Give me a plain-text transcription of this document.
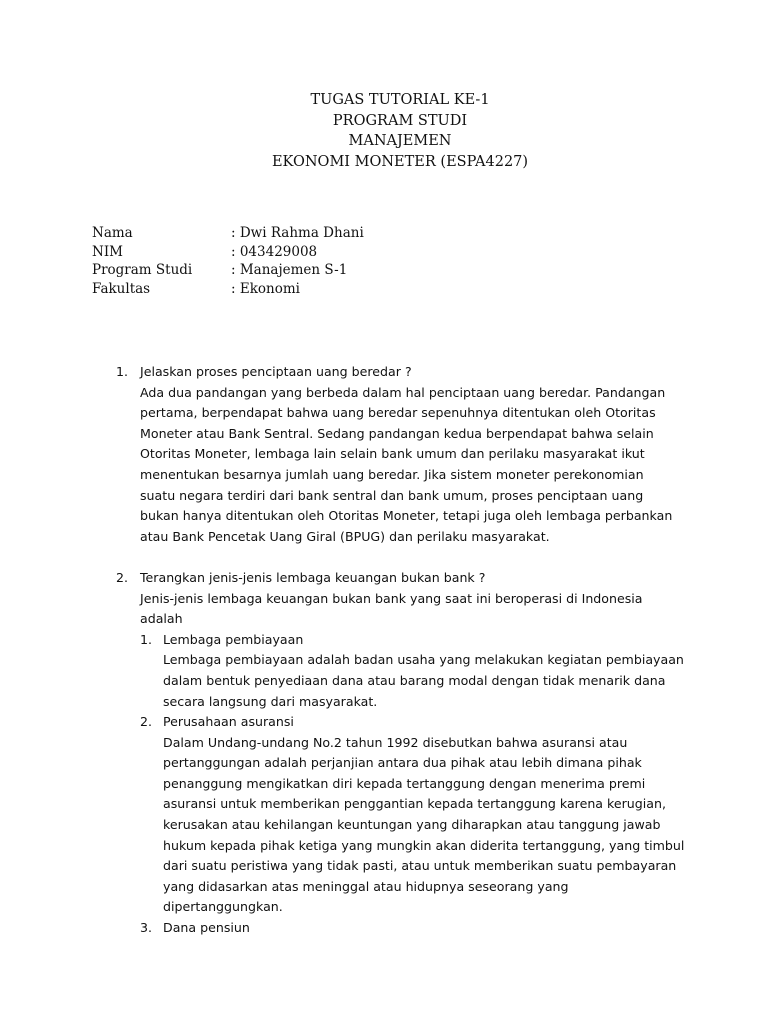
TUGAS TUTORIAL KE-1
PROGRAM STUDI
MANAJEMEN
EKONOMI MONETER (ESPA4227)
Nama	: Dwi Rahma Dhani
NIM	: 043429008
Program Studi	: Manajemen S-1
Fakultas	: Ekonomi
1. Jelaskan proses penciptaan uang beredar ?
Ada dua pandangan yang berbeda dalam hal penciptaan uang beredar. Pandangan
pertama, berpendapat bahwa uang beredar sepenuhnya ditentukan oleh Otoritas
Moneter atau Bank Sentral. Sedang pandangan kedua berpendapat bahwa selain
Otoritas Moneter, lembaga lain selain bank umum dan perilaku masyarakat ikut
menentukan besarnya jumlah uang beredar. Jika sistem moneter perekonomian
suatu negara terdiri dari bank sentral dan bank umum, proses penciptaan uang
bukan hanya ditentukan oleh Otoritas Moneter, tetapi juga oleh lembaga perbankan
atau Bank Pencetak Uang Giral (BPUG) dan perilaku masyarakat.
2. Terangkan jenis-jenis lembaga keuangan bukan bank ?
Jenis-jenis lembaga keuangan bukan bank yang saat ini beroperasi di Indonesia
adalah
1. Lembaga pembiayaan
Lembaga pembiayaan adalah badan usaha yang melakukan kegiatan pembiayaan
dalam bentuk penyediaan dana atau barang modal dengan tidak menarik dana
secara langsung dari masyarakat.
2. Perusahaan asuransi
Dalam Undang-undang No.2 tahun 1992 disebutkan bahwa asuransi atau
pertanggungan adalah perjanjian antara dua pihak atau lebih dimana pihak
penanggung mengikatkan diri kepada tertanggung dengan menerima premi
asuransi untuk memberikan penggantian kepada tertanggung karena kerugian,
kerusakan atau kehilangan keuntungan yang diharapkan atau tanggung jawab
hukum kepada pihak ketiga yang mungkin akan diderita tertanggung, yang timbul
dari suatu peristiwa yang tidak pasti, atau untuk memberikan suatu pembayaran
yang didasarkan atas meninggal atau hidupnya seseorang yang
dipertanggungkan.
3. Dana pensiun
